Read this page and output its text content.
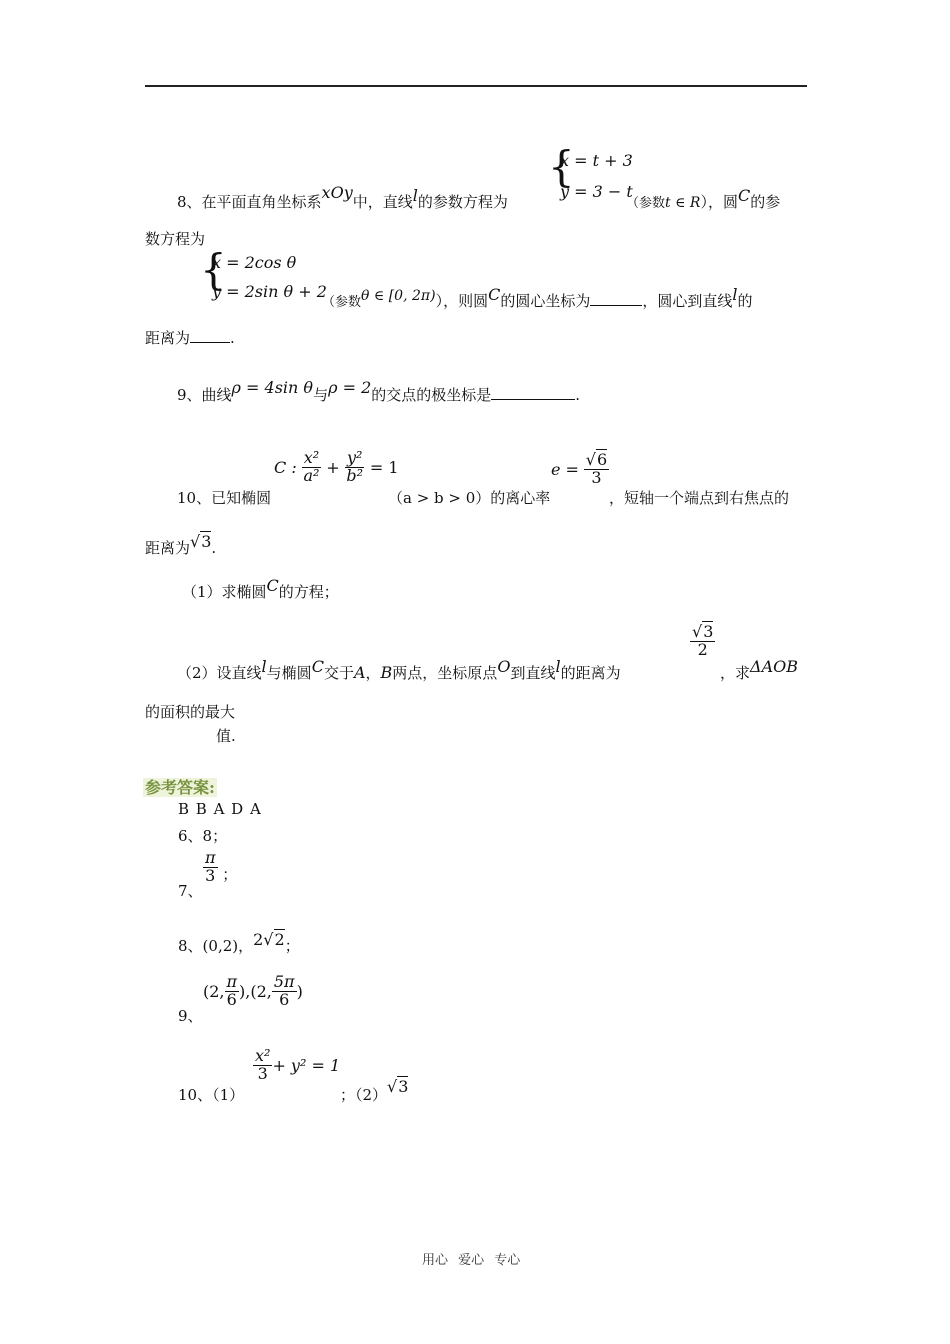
{
x = t + 3
y = 3 − t
8、在平面直角坐标系xOy中，直线l的参数方程为	（参数t ∈ R），圆C的参
数方程为
{
x = 2cos θ
y = 2sin θ + 2
（参数θ ∈ [0, 2π)），则圆C的圆心坐标为	，圆心到直线l的
距离为	.
9、曲线ρ = 4sin θ与ρ = 2的交点的极坐标是	.
10、已知椭圆
C : $\frac{\text{x²}}{\text{a²}} + \frac{\text{y²}}{\text{b²}} = 1$
（a > b > 0）的离心率
$e = \frac{√6}{3}$
，短轴一个端点到右焦点的
距离为√3.
（1）求椭圆C的方程；
（2）设直线l与椭圆C交于A，B两点，坐标原点O到直线l的距离为
$\frac{√3}{2}$
，求ΔAOB
的面积的最大
值.
参考答案:
B B A D A
6、8；
7、
$\frac{\pi}{3}$ ；
8、(0,2)，2√2；
9、
(2, $\frac{\pi}{6} ),(2$, $\frac{5\pi}{6}$ )
10、（1）
$\frac{\text{x²}}{3} + y^2 = 1$
；（2）√3
用心 爱心 专心
